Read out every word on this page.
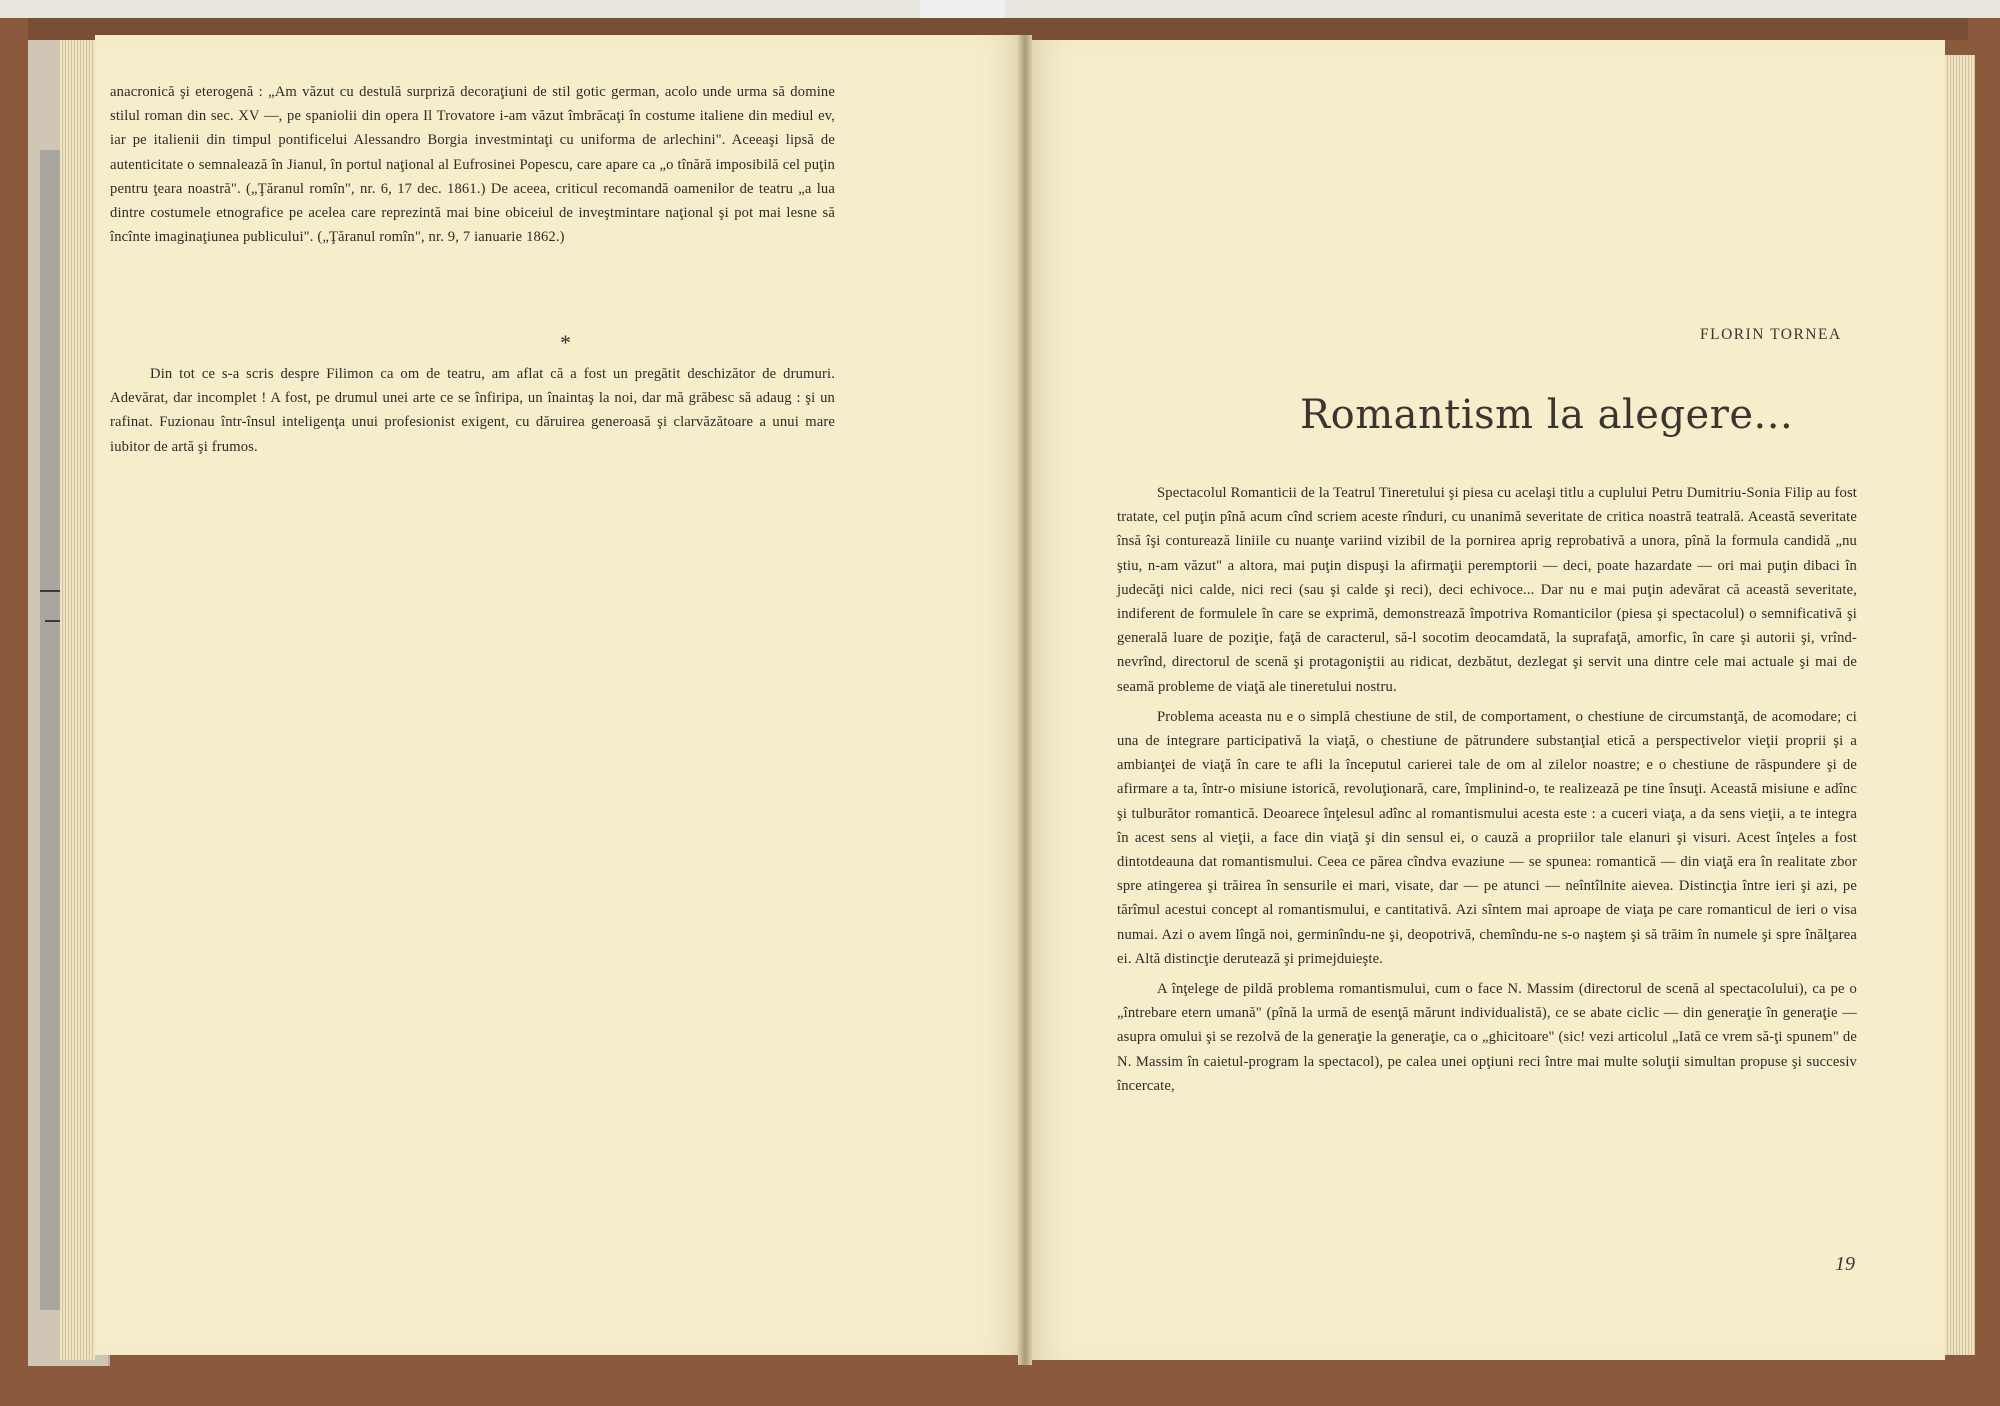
anacronică şi eterogenă : „Am văzut cu destulă surpriză decoraţiuni de stil gotic german, acolo unde urma să domine stilul roman din sec. XV —, pe spaniolii din opera Il Trovatore i-am văzut îmbrăcaţi în costume italiene din mediul ev, iar pe italienii din timpul pontificelui Alessandro Borgia investmintaţi cu uniforma de arlechini". Aceeaşi lipsă de autenticitate o semnalează în Jianul, în portul naţional al Eufrosinei Popescu, care apare ca „o tînără imposibilă cel puţin pentru ţeara noastră". („Ţăranul romîn", nr. 6, 17 dec. 1861.) De aceea, criticul recomandă oamenilor de teatru „a lua dintre costumele etnografice pe acelea care reprezintă mai bine obiceiul de inveştmintare naţional şi pot mai lesne să încînte imaginaţiunea publicului". („Ţăranul romîn", nr. 9, 7 ianuarie 1862.)

*

Din tot ce s-a scris despre Filimon ca om de teatru, am aflat că a fost un pregătit deschizător de drumuri. Adevărat, dar incomplet ! A fost, pe drumul unei arte ce se înfiripa, un înaintaş la noi, dar mă grăbesc să adaug : şi un rafinat. Fuzionau într-însul inteligenţa unui profesionist exigent, cu dăruirea generoasă şi clarvăzătoare a unui mare iubitor de artă şi frumos.

FLORIN TORNEA
Romantism la alegere...

Spectacolul Romanticii de la Teatrul Tineretului şi piesa cu acelaşi titlu a cuplului Petru Dumitriu-Sonia Filip au fost tratate, cel puţin pînă acum cînd scriem aceste rînduri, cu unanimă severitate de critica noastră teatrală. Această severitate însă îşi conturează liniile cu nuanţe variind vizibil de la pornirea aprig reprobativă a unora, pînă la formula candidă „nu ştiu, n-am văzut" a altora, mai puţin dispuşi la afirmaţii peremptorii — deci, poate hazardate — ori mai puţin dibaci în judecăţi nici calde, nici reci (sau şi calde şi reci), deci echivoce... Dar nu e mai puţin adevărat că această severitate, indiferent de formulele în care se exprimă, demonstrează împotriva Romanticilor (piesa şi spectacolul) o semnificativă şi generală luare de poziţie, faţă de caracterul, să-l socotim deocamdată, la suprafaţă, amorfic, în care şi autorii şi, vrînd-nevrînd, directorul de scenă şi protagoniştii au ridicat, dezbătut, dezlegat şi servit una dintre cele mai actuale şi mai de seamă probleme de viaţă ale tineretului nostru.

Problema aceasta nu e o simplă chestiune de stil, de comportament, o chestiune de circumstanţă, de acomodare; ci una de integrare participativă la viaţă, o chestiune de pătrundere substanţial etică a perspectivelor vieţii proprii şi a ambianţei de viaţă în care te afli la începutul carierei tale de om al zilelor noastre; e o chestiune de răspundere şi de afirmare a ta, într-o misiune istorică, revoluţionară, care, împlinind-o, te realizează pe tine însuţi. Această misiune e adînc şi tulburător romantică. Deoarece înţelesul adînc al romantismului acesta este : a cuceri viaţa, a da sens vieţii, a te integra în acest sens al vieţii, a face din viaţă şi din sensul ei, o cauză a propriilor tale elanuri şi visuri. Acest înţeles a fost dintotdeauna dat romantismului. Ceea ce părea cîndva evaziune — se spunea: romantică — din viaţă era în realitate zbor spre atingerea şi trăirea în sensurile ei mari, visate, dar — pe atunci — neîntîlnite aievea. Distincţia între ieri şi azi, pe tărîmul acestui concept al romantismului, e cantitativă. Azi sîntem mai aproape de viaţa pe care romanticul de ieri o visa numai. Azi o avem lîngă noi, germinîndu-ne şi, deopotrivă, chemîndu-ne s-o naştem şi să trăim în numele şi spre înălţarea ei. Altă distincţie derutează şi primejduieşte.

A înţelege de pildă problema romantismului, cum o face N. Massim (directorul de scenă al spectacolului), ca pe o „întrebare etern umană" (pînă la urmă de esenţă mărunt individualistă), ce se abate ciclic — din generaţie în generaţie — asupra omului şi se rezolvă de la generaţie la generaţie, ca o „ghicitoare" (sic! vezi articolul „Iată ce vrem să-ţi spunem" de N. Massim în caietul-program la spectacol), pe calea unei opţiuni reci între mai multe soluţii simultan propuse şi succesiv încercate,

19
